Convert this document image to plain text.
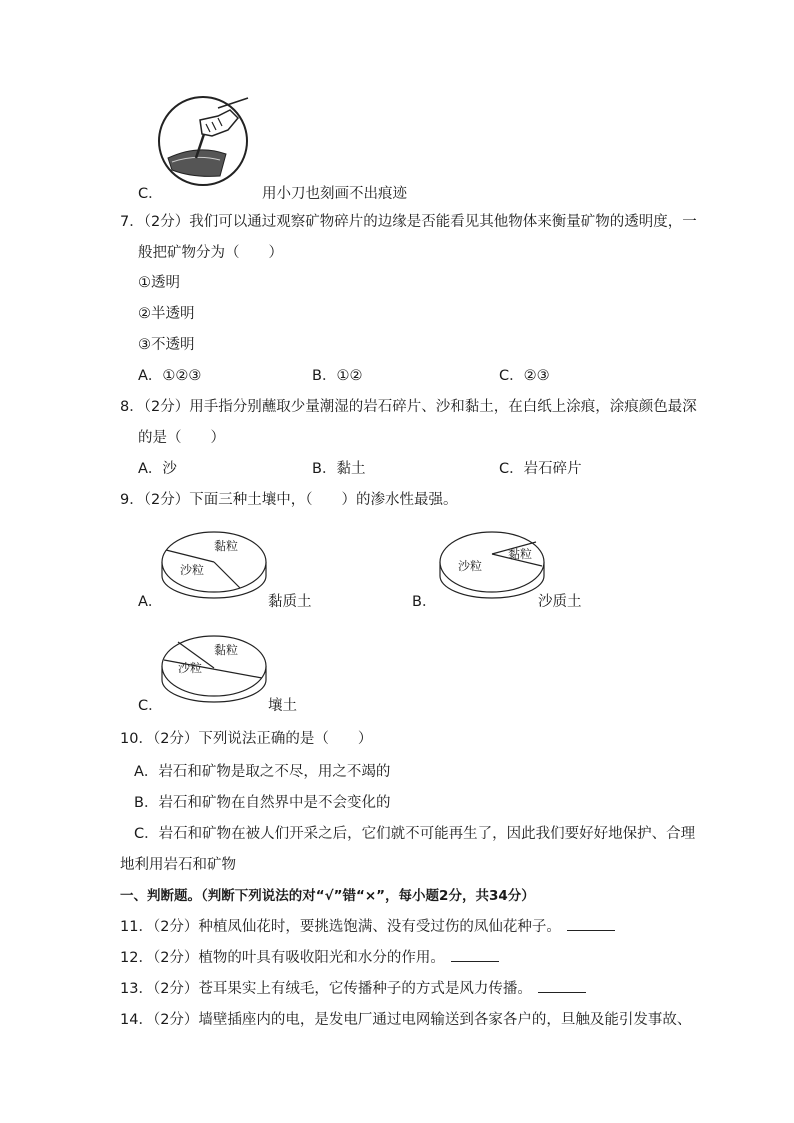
C．	用小刀也刻画不出痕迹
7．（2分）我们可以通过观察矿物碎片的边缘是否能看见其他物体来衡量矿物的透明度，一
般把矿物分为（　　）
①透明
②半透明
③不透明
A．①②③	B．①②	C．②③
8．（2分）用手指分别蘸取少量潮湿的岩石碎片、沙和黏土，在白纸上涂痕，涂痕颜色最深
的是（　　）
A．沙	B．黏土	C．岩石碎片
9．（2分）下面三种土壤中，（　　）的渗水性最强。
黏粒
沙粒
A．	黏质土
黏粒
沙粒
B．	沙质土
黏粒
沙粒
C．	壤土
10．（2分）下列说法正确的是（　　）
A．岩石和矿物是取之不尽，用之不竭的
B．岩石和矿物在自然界中是不会变化的
C．岩石和矿物在被人们开采之后，它们就不可能再生了，因此我们要好好地保护、合理
地利用岩石和矿物
一、判断题。（判断下列说法的对“√”错“×”，每小题2分，共34分）
11．（2分）种植凤仙花时，要挑选饱满、没有受过伤的凤仙花种子。
12．（2分）植物的叶具有吸收阳光和水分的作用。
13．（2分）苍耳果实上有绒毛，它传播种子的方式是风力传播。
14．（2分）墙壁插座内的电，是发电厂通过电网输送到各家各户的，旦触及能引发事故、
